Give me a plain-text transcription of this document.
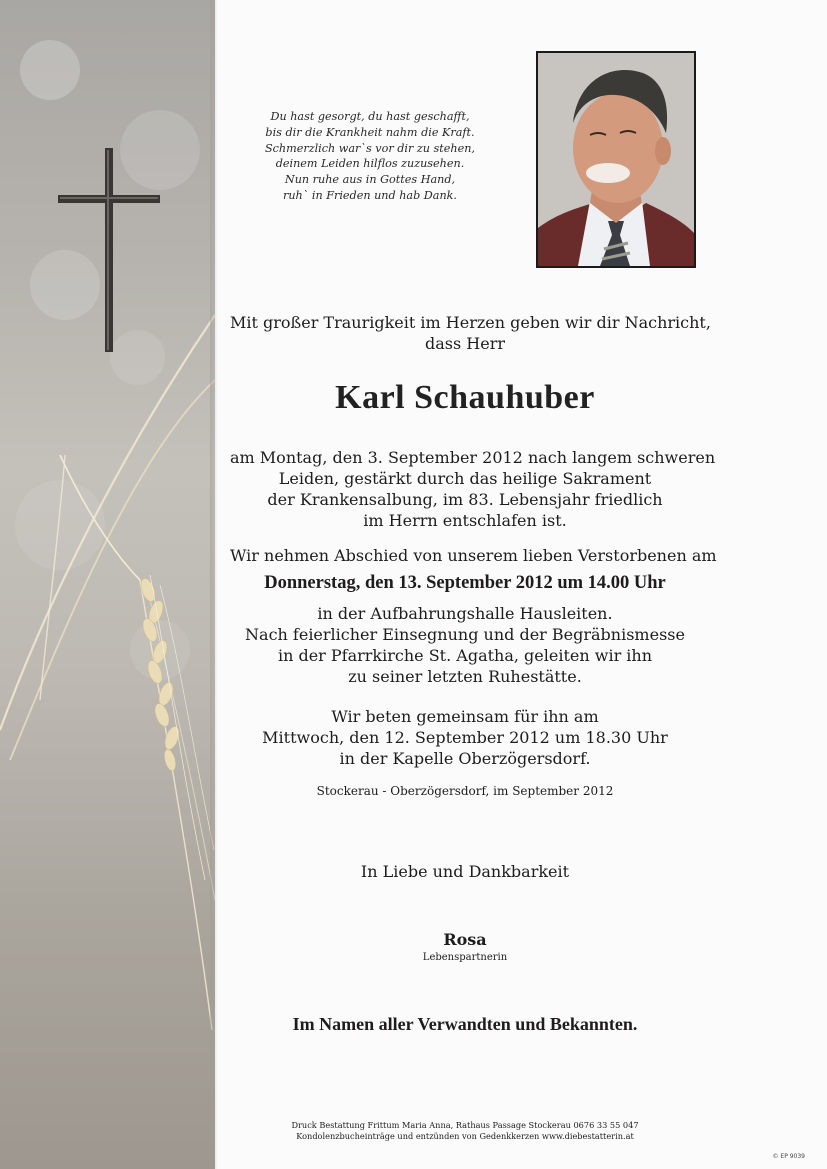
Du hast gesorgt, du hast geschafft,
bis dir die Krankheit nahm die Kraft.
Schmerzlich war`s vor dir zu stehen,
deinem Leiden hilflos zuzusehen.
Nun ruhe aus in Gottes Hand,
ruh` in Frieden und hab Dank.
Mit großer Traurigkeit im Herzen geben wir dir Nachricht,
dass Herr
Karl Schauhuber
am Montag, den 3. September 2012 nach langem schweren
Leiden, gestärkt durch das heilige Sakrament
der Krankensalbung, im 83. Lebensjahr friedlich
im Herrn entschlafen ist.
Wir nehmen Abschied von unserem lieben Verstorbenen am
Donnerstag, den 13. September 2012 um 14.00 Uhr
in der Aufbahrungshalle Hausleiten.
Nach feierlicher Einsegnung und der Begräbnismesse
in der Pfarrkirche St. Agatha, geleiten wir ihn
zu seiner letzten Ruhestätte.
Wir beten gemeinsam für ihn am
Mittwoch, den 12. September 2012 um 18.30 Uhr
in der Kapelle Oberzögersdorf.
Stockerau - Oberzögersdorf, im September 2012
In Liebe und Dankbarkeit
Rosa
Lebenspartnerin
Im Namen aller Verwandten und Bekannten.
Druck Bestattung Frittum Maria Anna, Rathaus Passage Stockerau 0676 33 55 047
Kondolenzbucheinträge und entzünden von Gedenkkerzen www.diebestatterin.at
© EP 9039
